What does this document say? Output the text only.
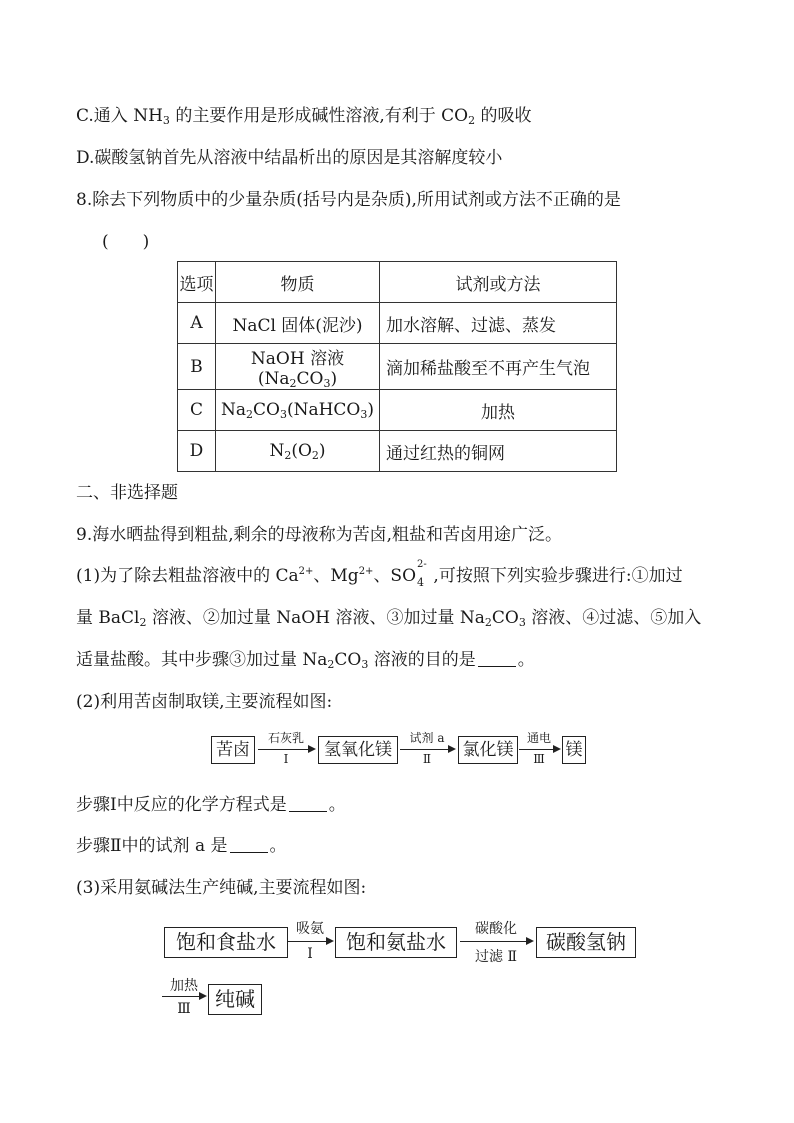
C.通入 $NH_3$ 的主要作用是形成碱性溶液,有利于 $CO_2$ 的吸收
D.碳酸氢钠首先从溶液中结晶析出的原因是其溶解度较小
8.除去下列物质中的少量杂质(括号内是杂质),所用试剂或方法不正确的是
(　　)
选项	物质	试剂或方法
A	NaCl 固体(泥沙)	加水溶解、过滤、蒸发
B	NaOH 溶液$(Na_2CO_3)$	滴加稀盐酸至不再产生气泡
C	$Na_2CO_3(NaHCO_3)$	加热
D	$N_2(O_2)$	通过红热的铜网
二、非选择题
9.海水晒盐得到粗盐,剩余的母液称为苦卤,粗盐和苦卤用途广泛。
(1)为了除去粗盐溶液中的 $Ca^{2+}$、$Mg^{2+}$、SO
2-
4 ,可按照下列实验步骤进行:①加过
量 BaCl$_2$ 溶液、②加过量 NaOH 溶液、③加过量 $Na_2CO_3$ 溶液、④过滤、⑤加入
适量盐酸。其中步骤③加过量 $Na_2CO_3$ 溶液的目的是 。
(2)利用苦卤制取镁,主要流程如图:
苦卤
石灰乳
Ⅰ	氢氧化镁
试剂 a
Ⅱ	氯化镁
通电
Ⅲ	镁
步骤Ⅰ中反应的化学方程式是 。
步骤Ⅱ中的试剂 a 是 。
(3)采用氨碱法生产纯碱,主要流程如图:
饱和食盐水
吸氨
Ⅰ	饱和氨盐水
碳酸化
过滤 Ⅱ
碳酸氢钠
加热
Ⅲ	纯碱
